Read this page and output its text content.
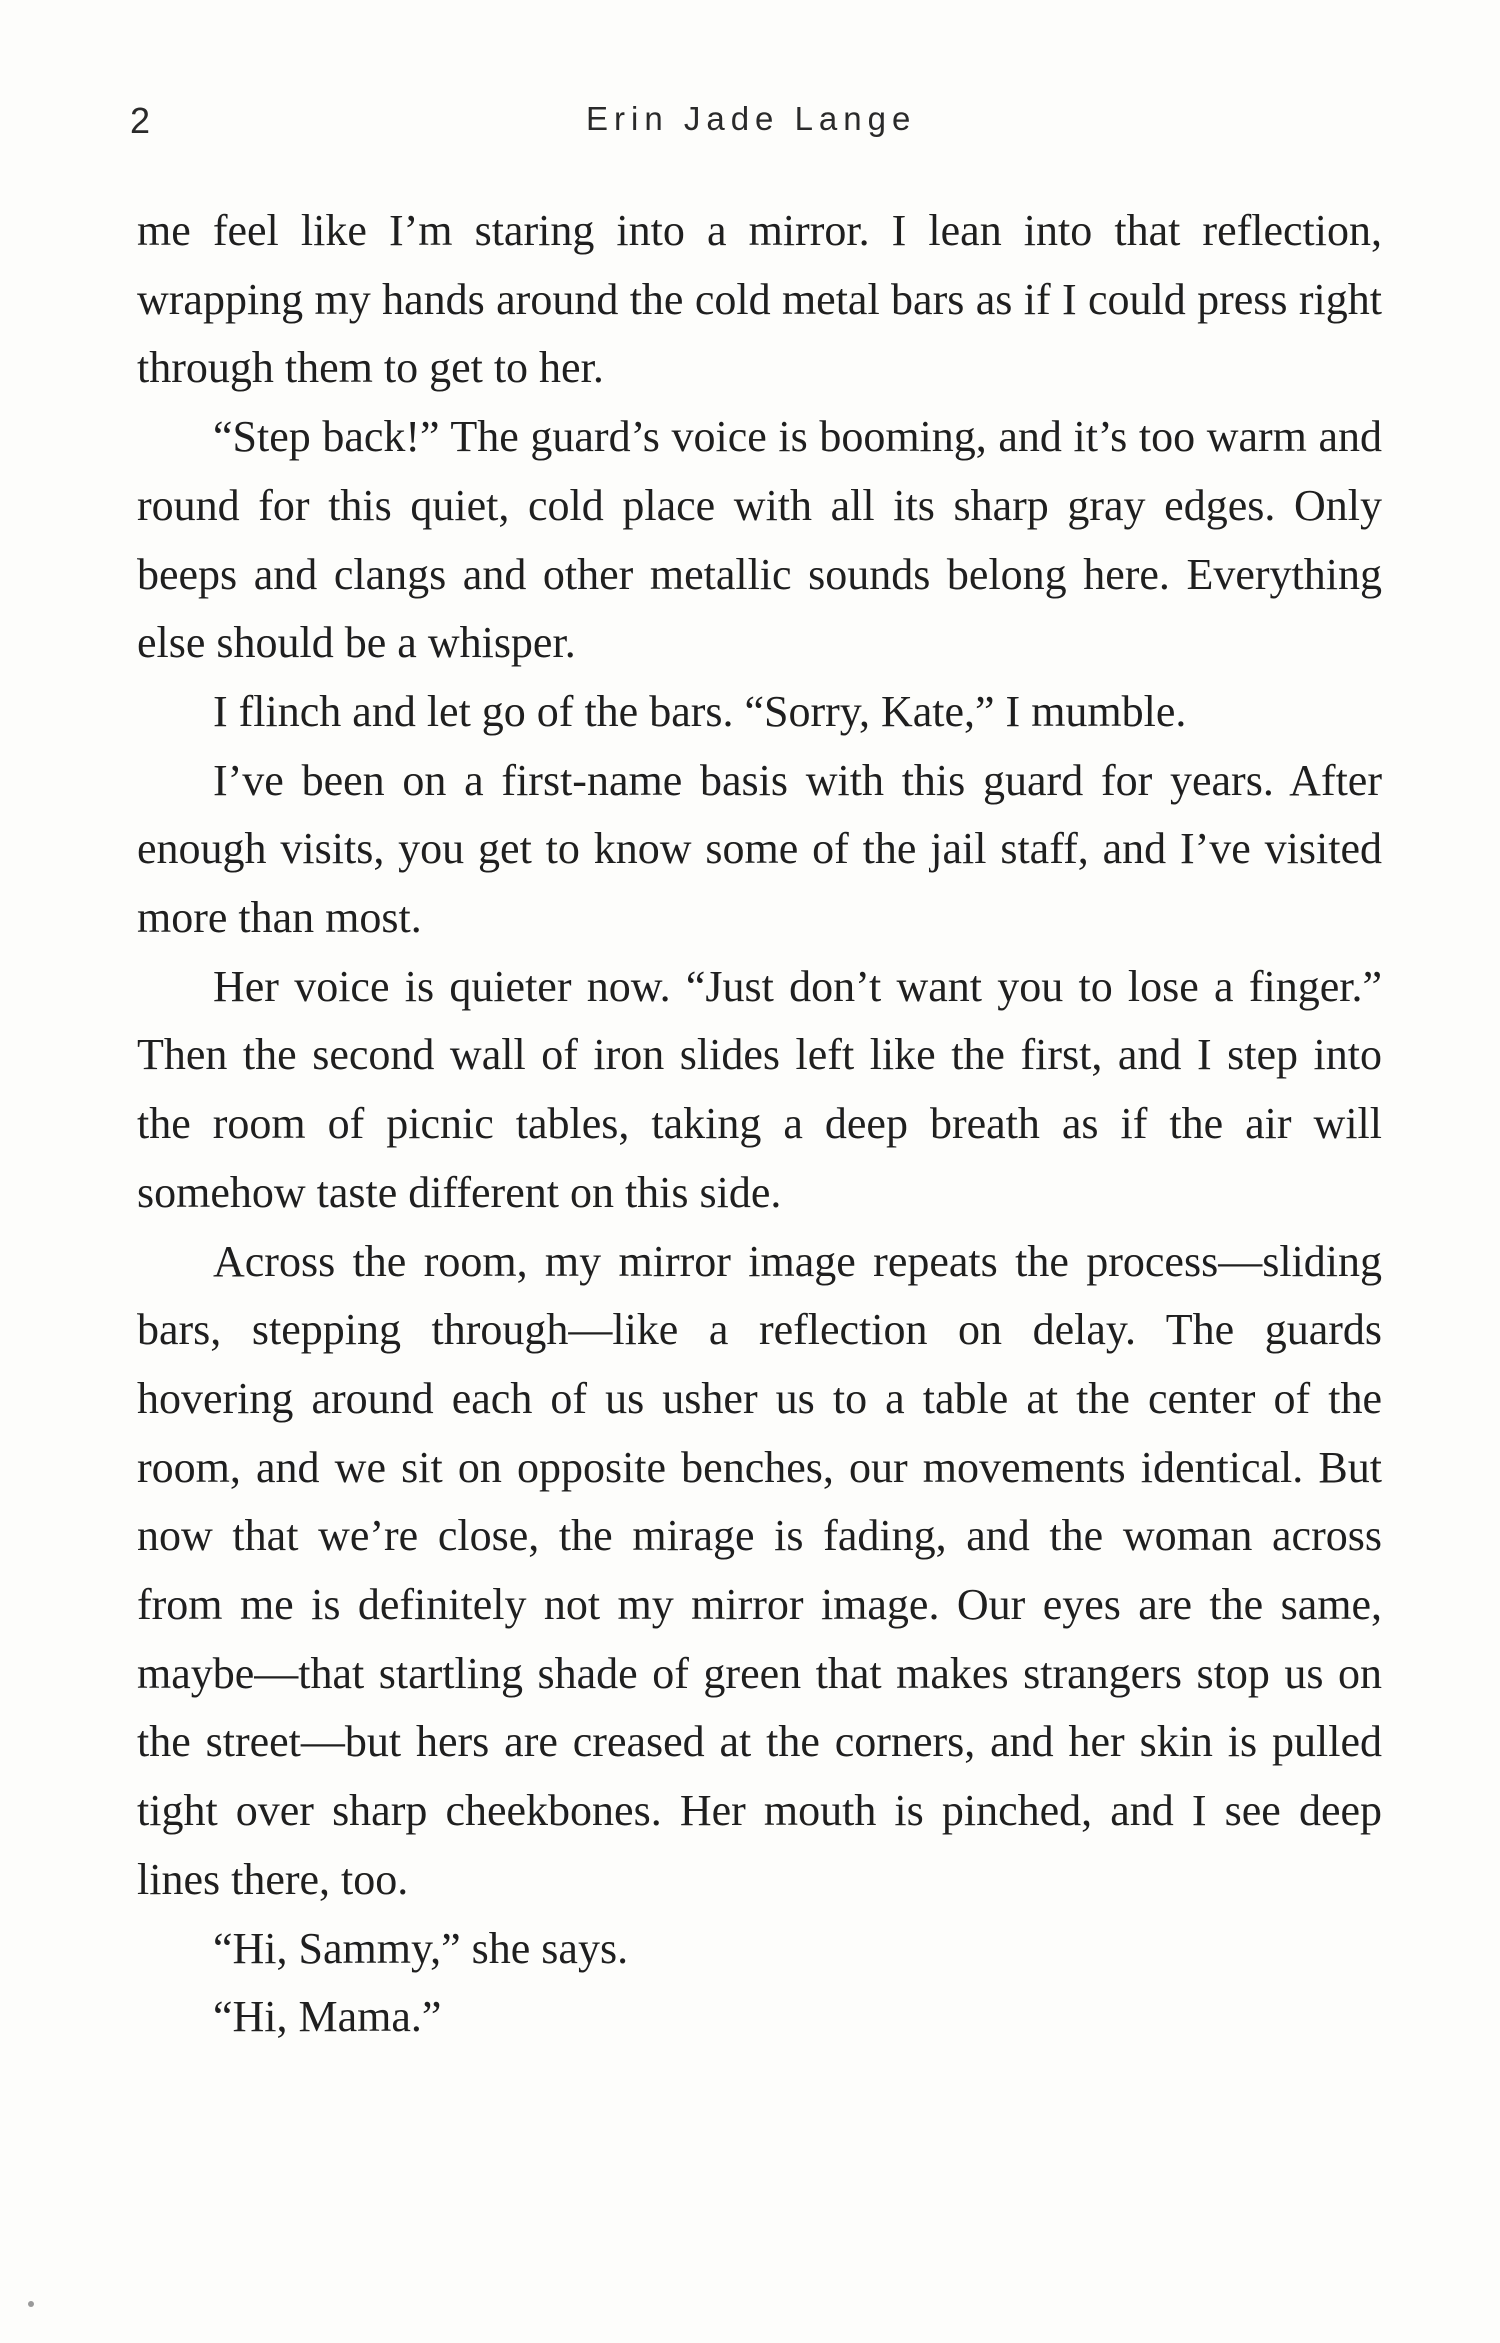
2	Erin Jade Lange

me feel like I’m staring into a mirror. I lean into that reflection, wrapping my hands around the cold metal bars as if I could press right through them to get to her.

“Step back!” The guard’s voice is booming, and it’s too warm and round for this quiet, cold place with all its sharp gray edges. Only beeps and clangs and other metallic sounds belong here. Everything else should be a whisper.

I flinch and let go of the bars. “Sorry, Kate,” I mumble.

I’ve been on a first-name basis with this guard for years. After enough visits, you get to know some of the jail staff, and I’ve visited more than most.

Her voice is quieter now. “Just don’t want you to lose a finger.” Then the second wall of iron slides left like the first, and I step into the room of picnic tables, taking a deep breath as if the air will somehow taste different on this side.

Across the room, my mirror image repeats the process—sliding bars, stepping through—like a reflection on delay. The guards hovering around each of us usher us to a table at the center of the room, and we sit on opposite benches, our movements identical. But now that we’re close, the mirage is fading, and the woman across from me is definitely not my mirror image. Our eyes are the same, maybe—that startling shade of green that makes strangers stop us on the street—but hers are creased at the corners, and her skin is pulled tight over sharp cheekbones. Her mouth is pinched, and I see deep lines there, too.

“Hi, Sammy,” she says.

“Hi, Mama.”
